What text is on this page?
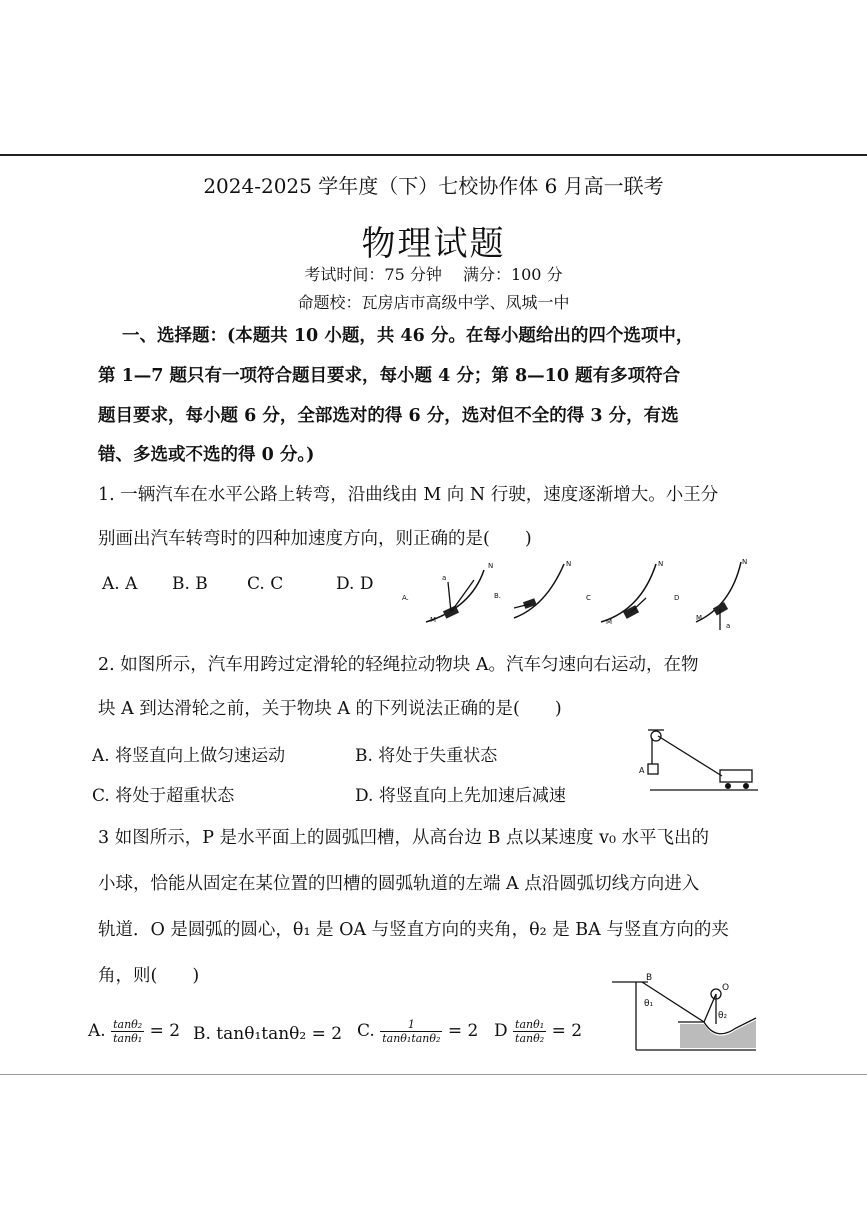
2024-2025 学年度（下）七校协作体 6 月高一联考
物理试题
考试时间：75 分钟　 满分：100 分
命题校：瓦房店市高级中学、凤城一中
一、选择题：(本题共 10 小题，共 46 分。在每小题给出的四个选项中，
第 1—7 题只有一项符合题目要求，每小题 4 分；第 8—10 题有多项符合
题目要求，每小题 6 分，全部选对的得 6 分，选对但不全的得 3 分，有选
错、多选或不选的得 0 分。)
1. 一辆汽车在水平公路上转弯，沿曲线由 M 向 N 行驶，速度逐渐增大。小王分
别画出汽车转弯时的四种加速度方向，则正确的是(　　)
A. A B. B C. C	D. D
A.
M
N
a
B.
N
C
N
M
D
M
N
a
2. 如图所示，汽车用跨过定滑轮的轻绳拉动物块 A。汽车匀速向右运动，在物
块 A 到达滑轮之前，关于物块 A 的下列说法正确的是(　　)
A. 将竖直向上做匀速运动	B. 将处于失重状态
C. 将处于超重状态	D. 将竖直向上先加速后减速
A
3 如图所示，P 是水平面上的圆弧凹槽，从高台边 B 点以某速度 v₀ 水平飞出的
小球，恰能从固定在某位置的凹槽的圆弧轨道的左端 A 点沿圆弧切线方向进入
轨道．O 是圆弧的圆心，θ₁ 是 OA 与竖直方向的夹角，θ₂ 是 BA 与竖直方向的夹
角，则(　　)
A. $\frac{\text{tanθ₂}}{\text{tanθ₁}} = 2$ B. tanθ₁tanθ₂ = 2 C. $\frac{1}{\text{tanθ₁tanθ₂}} = 2$ D $\frac{\text{tanθ₁}}{\text{tanθ₂}} = 2$
B
O
θ₁
θ₂
